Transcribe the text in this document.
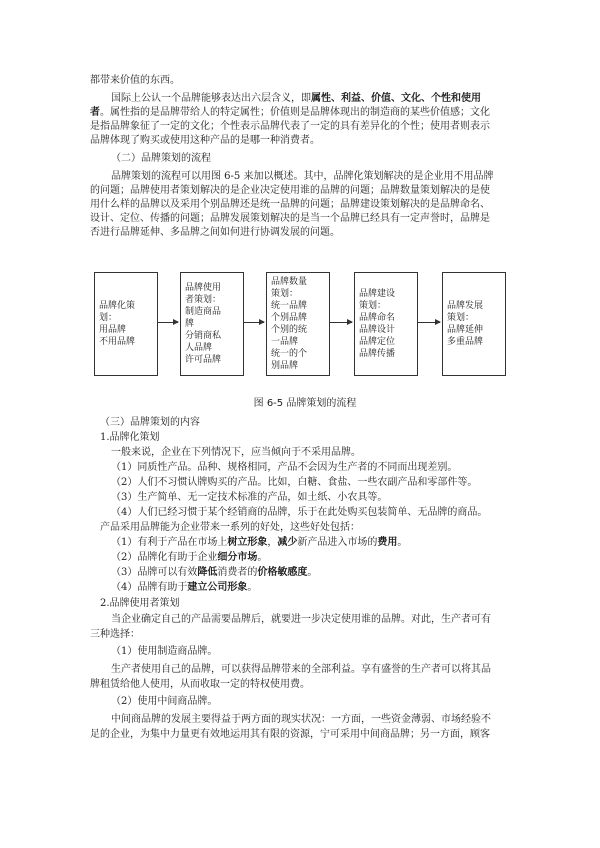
都带来价值的东西。
国际上公认一个品牌能够表达出六层含义，即属性、利益、价值、文化、个性和使用
者。属性指的是品牌带给人的特定属性；价值则是品牌体现出的制造商的某些价值感；文化
是指品牌象征了一定的文化；个性表示品牌代表了一定的具有差异化的个性；使用者则表示
品牌体现了购买或使用这种产品的是哪一种消费者。
（二）品牌策划的流程
品牌策划的流程可以用图 6-5 来加以概述。其中，品牌化策划解决的是企业用不用品牌
的问题；品牌使用者策划解决的是企业决定使用谁的品牌的问题；品牌数量策划解决的是使
用什么样的品牌以及采用个别品牌还是统一品牌的问题；品牌建设策划解决的是品牌命名、
设计、定位、传播的问题；品牌发展策划解决的是当一个品牌已经具有一定声誉时，品牌是
否进行品牌延伸、多品牌之间如何进行协调发展的问题。
品牌化策
划：
用品牌
不用品牌
品牌使用
者策划：
制造商品
牌
分销商私
人品牌
许可品牌
品牌数量
策划：
统一品牌
个别品牌
个别的统
一品牌
统一的个
别品牌
品牌建设
策划：
品牌命名
品牌设计
品牌定位
品牌传播
品牌发展
策划：
品牌延伸
多重品牌
图 6-5 品牌策划的流程
（三）品牌策划的内容
1.品牌化策划
一般来说，企业在下列情况下，应当倾向于不采用品牌。
（1）同质性产品。品种、规格相同，产品不会因为生产者的不同而出现差别。
（2）人们不习惯认牌购买的产品。比如，白糖、食盐、一些农副产品和零部件等。
（3）生产简单、无一定技术标准的产品，如土纸、小农具等。
（4）人们已经习惯于某个经销商的品牌，乐于在此处购买包装简单、无品牌的商品。
产品采用品牌能为企业带来一系列的好处，这些好处包括：
（1）有利于产品在市场上树立形象，减少新产品进入市场的费用。
（2）品牌化有助于企业细分市场。
（3）品牌可以有效降低消费者的价格敏感度。
（4）品牌有助于建立公司形象。
2.品牌使用者策划
当企业确定自己的产品需要品牌后，就要进一步决定使用谁的品牌。对此，生产者可有
三种选择：
（1）使用制造商品牌。
生产者使用自己的品牌，可以获得品牌带来的全部利益。享有盛誉的生产者可以将其品
牌租赁给他人使用，从而收取一定的特权使用费。
（2）使用中间商品牌。
中间商品牌的发展主要得益于两方面的现实状况：一方面，一些资金薄弱、市场经验不
足的企业，为集中力量更有效地运用其有限的资源，宁可采用中间商品牌；另一方面，顾客
